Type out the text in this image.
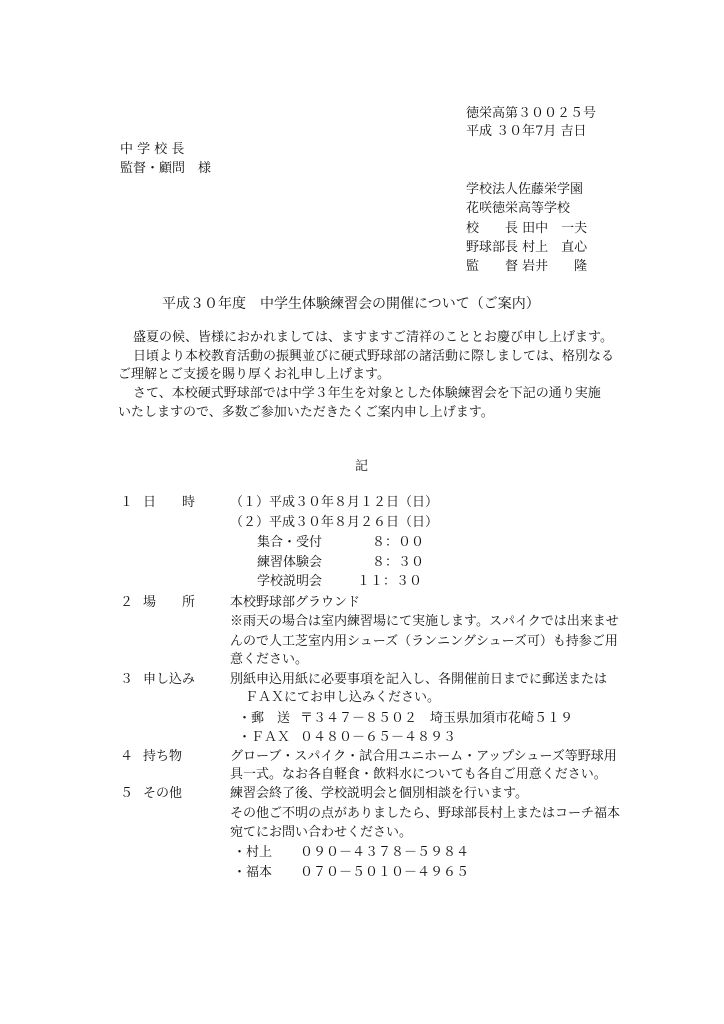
徳栄高第３００２５号
平成 ３０年7月 吉日
中 学 校 長
監督・顧問　様
学校法人佐藤栄学園
花咲徳栄高等学校
校　　長 田中　一夫
野球部長 村上　直心
監　　督 岩井　　隆
平成３０年度　中学生体験練習会の開催について（ご案内）
盛夏の候、皆様におかれましては、ますますご清祥のこととお慶び申し上げます。
日頃より本校教育活動の振興並びに硬式野球部の諸活動に際しましては、格別なる
ご理解とご支援を賜り厚くお礼申し上げます。
さて、本校硬式野球部では中学３年生を対象とした体験練習会を下記の通り実施
いたしますので、多数ご参加いただきたくご案内申し上げます。
記
１ 日　　時	（１）平成３０年８月１２日（日）
（２）平成３０年８月２６日（日）
集合・受付	８：００
練習体験会	８：３０
学校説明会	１１：３０
２ 場　　所	本校野球部グラウンド
※雨天の場合は室内練習場にて実施します。スパイクでは出来ませ
んので人工芝室内用シューズ（ランニングシューズ可）も持参ご用
意ください。
３ 申し込み	別紙申込用紙に必要事項を記入し、各開催前日までに郵送または
ＦＡＸにてお申し込みください。
・郵　送 〒３４７－８５０２　埼玉県加須市花崎５１９
・ＦＡＸ ０４８０－６５－４８９３
４ 持ち物	グローブ・スパイク・試合用ユニホーム・アップシューズ等野球用
具一式。なお各自軽食・飲料水についても各自ご用意ください。
５ その他	練習会終了後、学校説明会と個別相談を行います。
その他ご不明の点がありましたら、野球部長村上またはコーチ福本
宛てにお問い合わせください。
・村上 ０９０－４３７８－５９８４
・福本 ０７０－５０１０－４９６５
